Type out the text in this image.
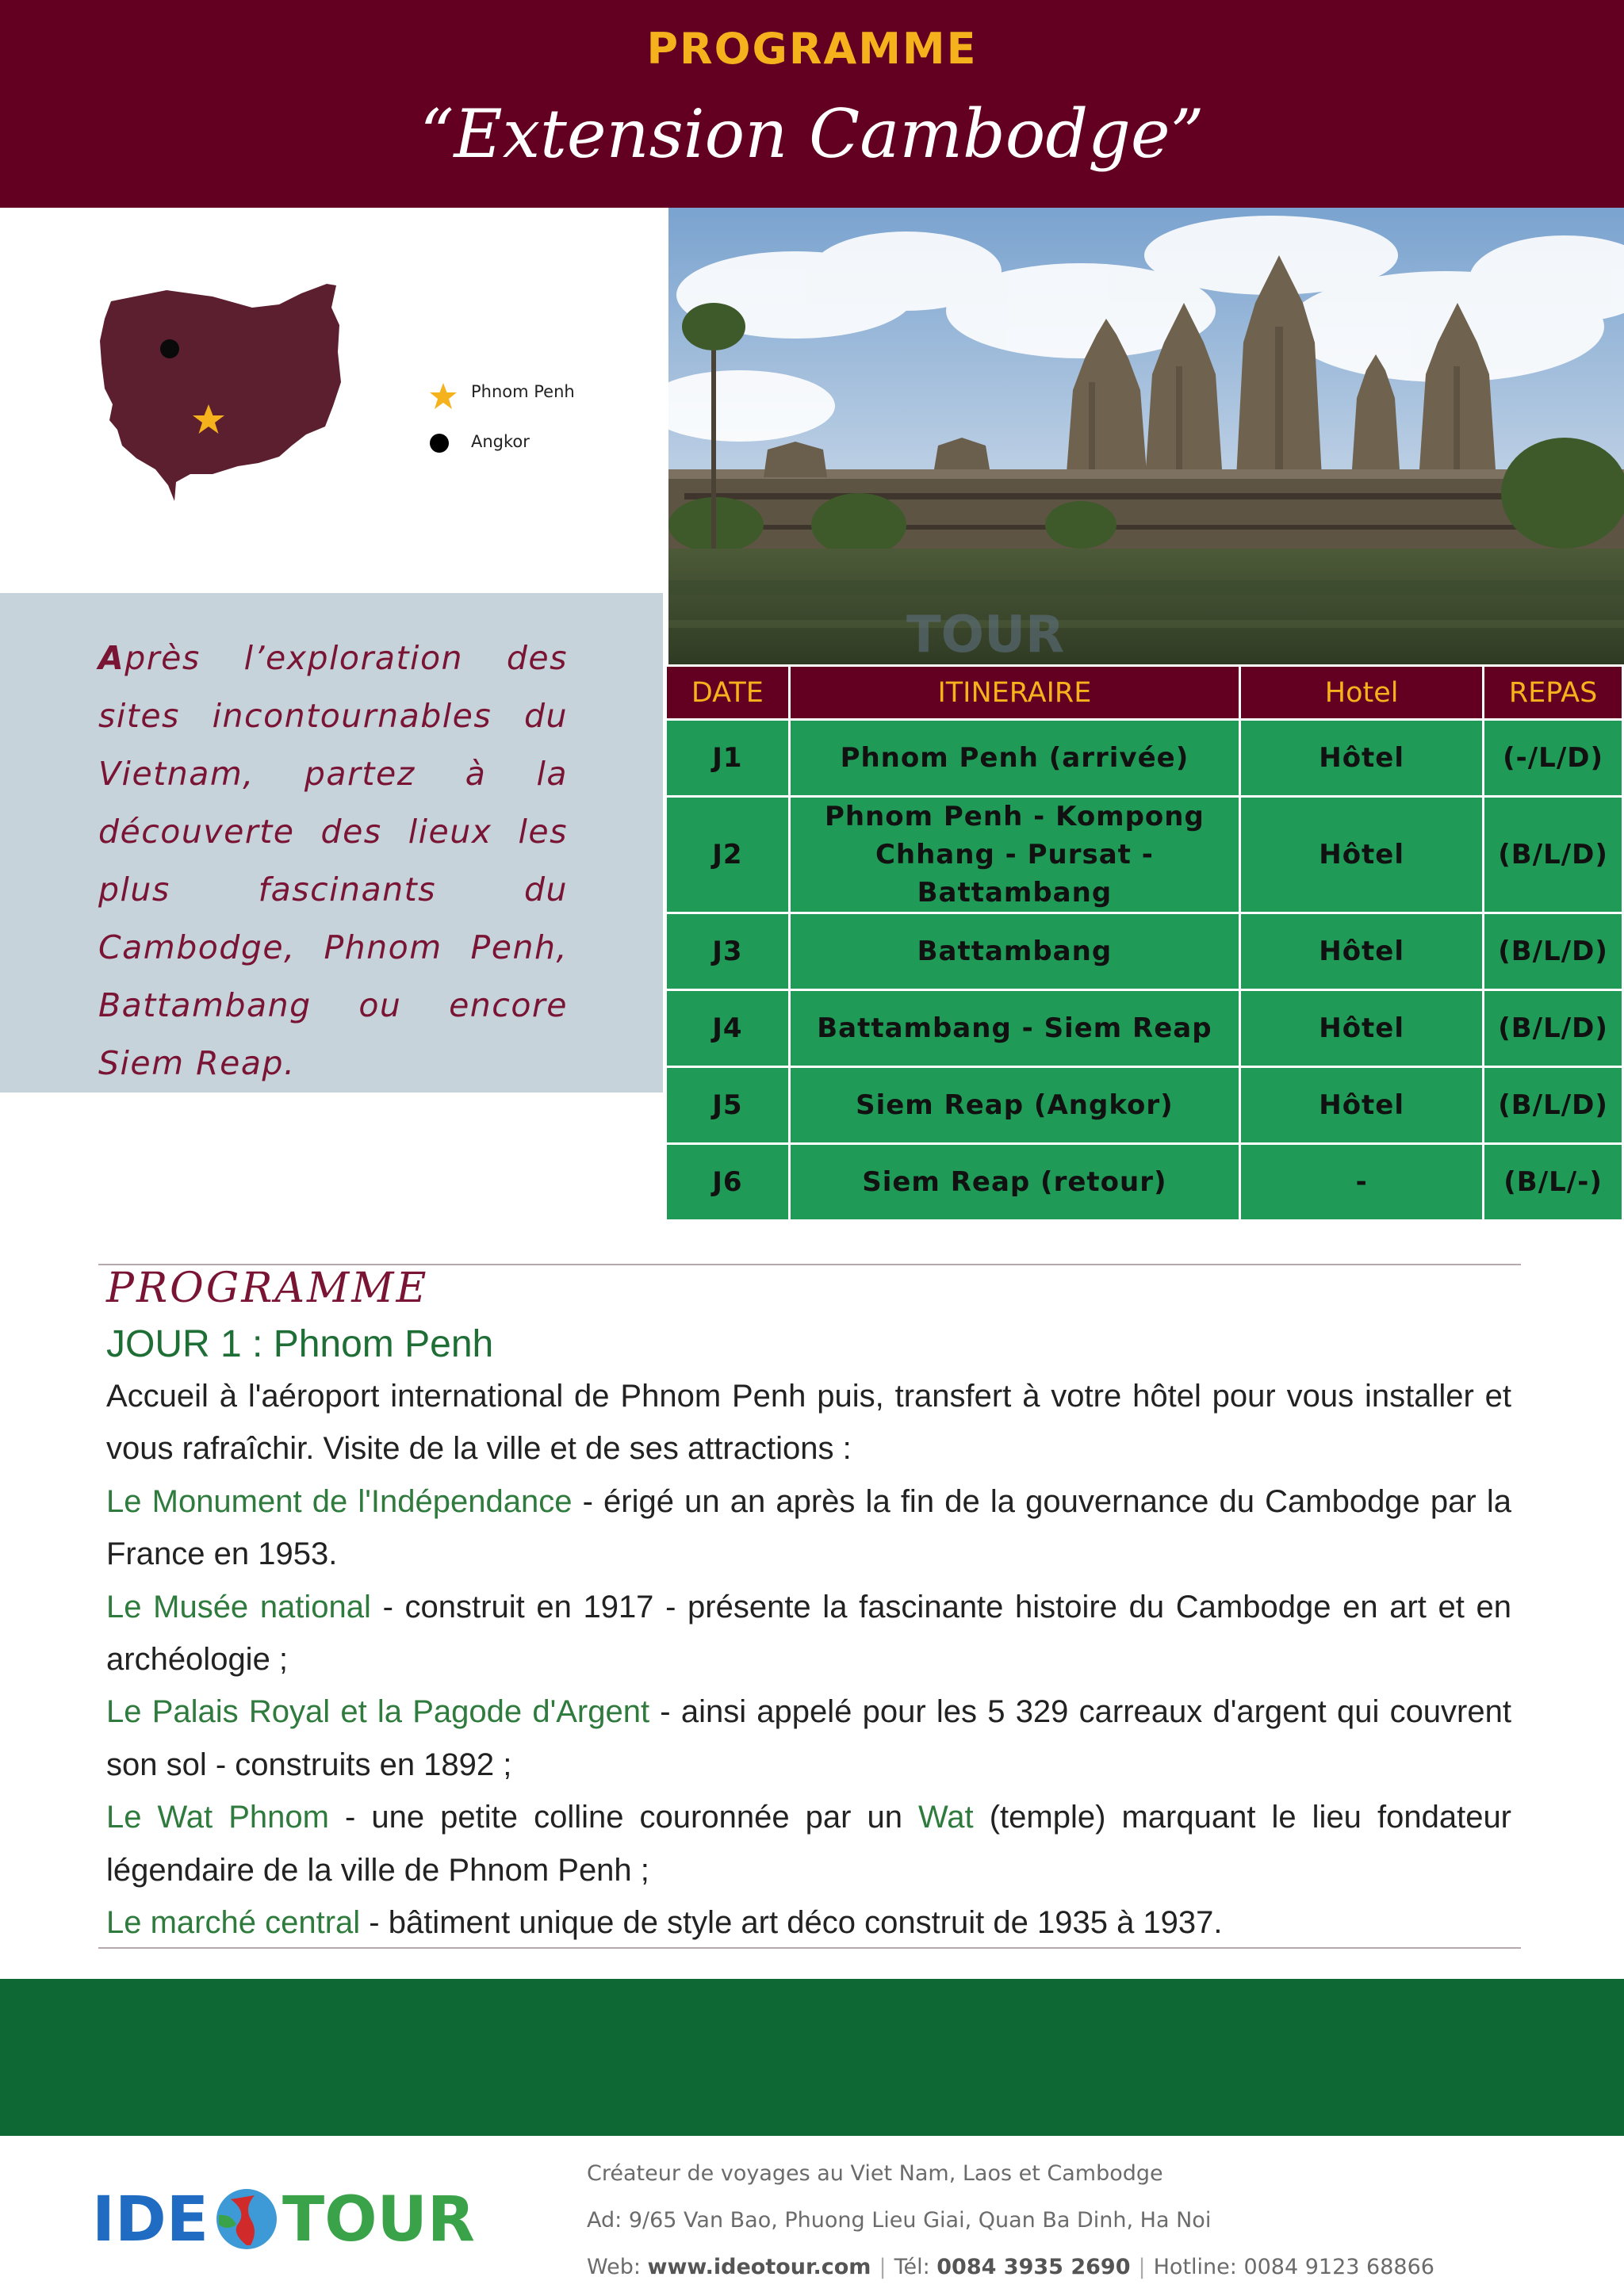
PROGRAMME
“Extension Cambodge”
Phnom Penh
Angkor

Après l’exploration des sites incontournables du Vietnam, partez à la découverte des lieux les plus fascinants du Cambodge, Phnom Penh, Battambang ou encore Siem Reap.

TOUR
DATE	ITINERAIRE	Hotel	REPAS
J1	Phnom Penh (arrivée)	Hôtel	(-/L/D)
J2	Phnom Penh - Kompong Chhang - Pursat - Battambang	Hôtel	(B/L/D)
J3	Battambang	Hôtel	(B/L/D)
J4	Battambang - Siem Reap	Hôtel	(B/L/D)
J5	Siem Reap (Angkor)	Hôtel	(B/L/D)
J6	Siem Reap (retour)	-	(B/L/-)
PROGRAMME
JOUR 1 : Phnom Penh
Accueil à l'aéroport international de Phnom Penh puis, transfert à votre hôtel pour vous installer et vous rafraîchir. Visite de la ville et de ses attractions :
Le Monument de l'Indépendance - érigé un an après la fin de la gouvernance du Cambodge par la France en 1953.
Le Musée national - construit en 1917 - présente la fascinante histoire du Cambodge en art et en archéologie ;
Le Palais Royal et la Pagode d'Argent - ainsi appelé pour les 5 329 carreaux d'argent qui couvrent son sol - construits en 1892 ;
Le Wat Phnom - une petite colline couronnée par un Wat (temple) marquant le lieu fondateur légendaire de la ville de Phnom Penh ;
Le marché central - bâtiment unique de style art déco construit de 1935 à 1937.
IDE TOUR
Créateur de voyages au Viet Nam, Laos et Cambodge
Ad: 9/65 Van Bao, Phuong Lieu Giai, Quan Ba Dinh, Ha Noi
Web: www.ideotour.com | Tél: 0084 3935 2690 | Hotline: 0084 9123 68866
